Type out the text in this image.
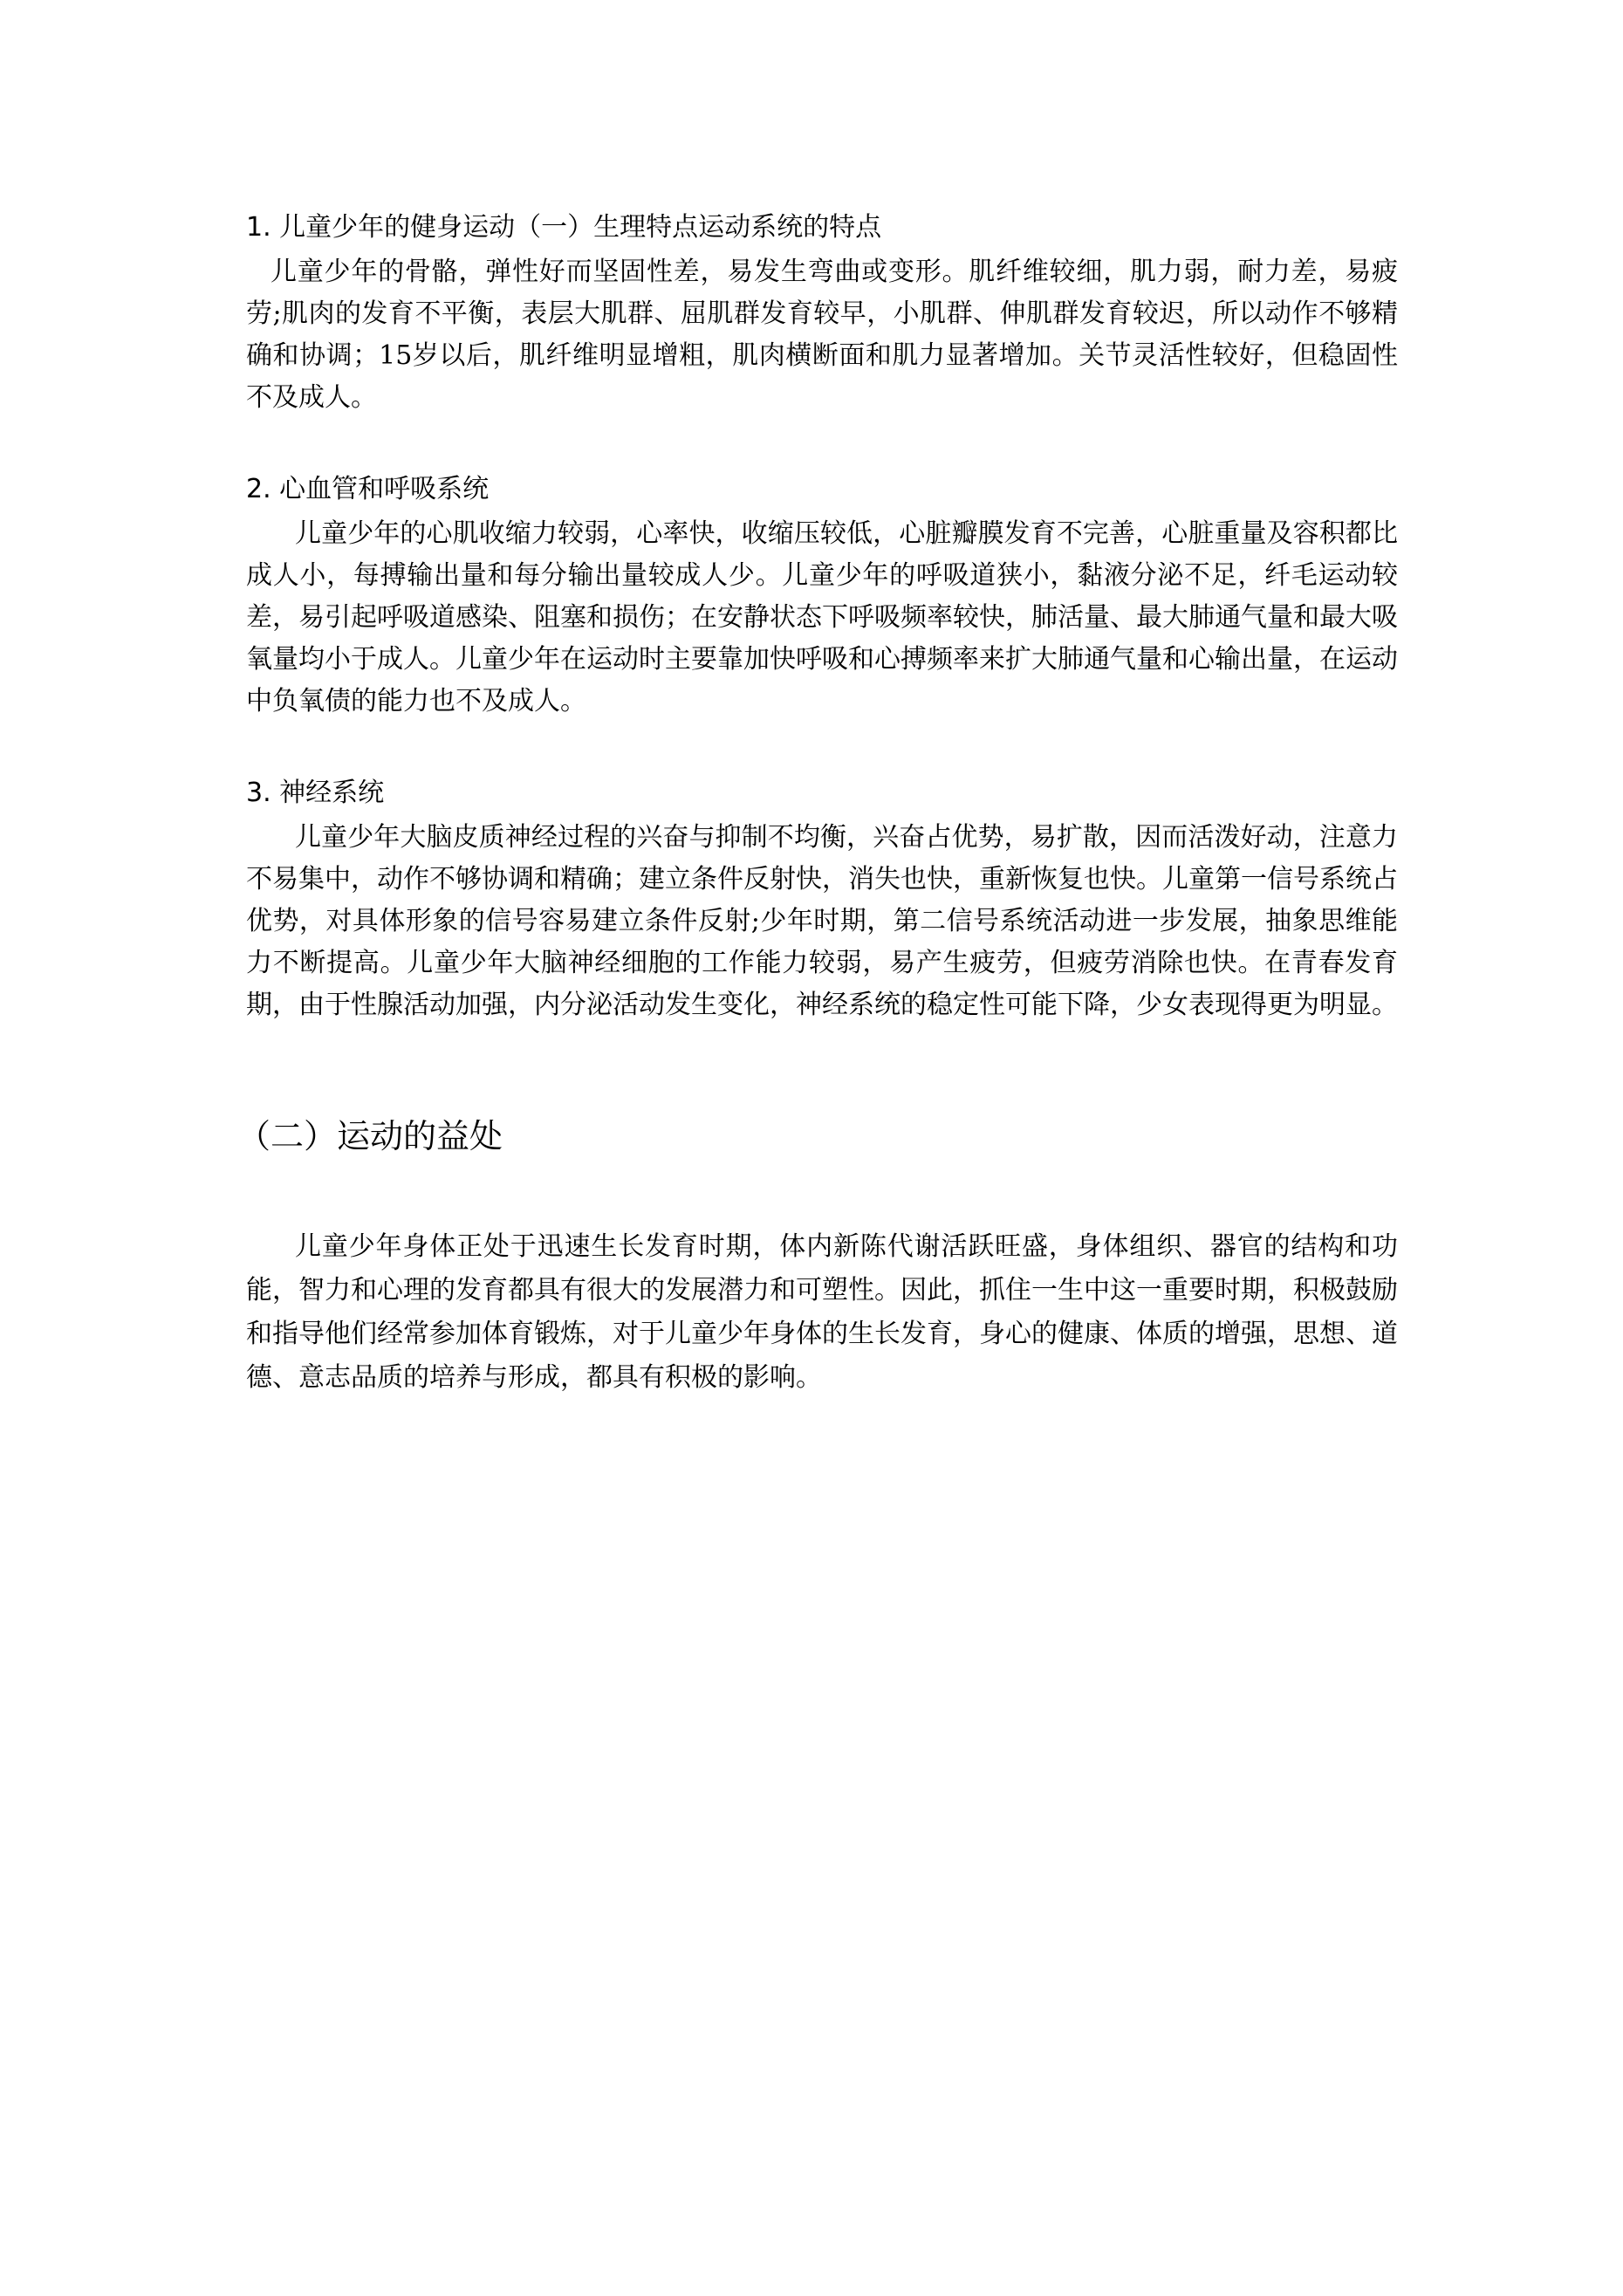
1. 儿童少年的健身运动（一）生理特点运动系统的特点

儿童少年的骨骼，弹性好而坚固性差，易发生弯曲或变形。肌纤维较细，肌力弱，耐力差，易疲劳;肌肉的发育不平衡，表层大肌群、屈肌群发育较早，小肌群、伸肌群发育较迟，所以动作不够精确和协调；15岁以后，肌纤维明显增粗，肌肉横断面和肌力显著增加。关节灵活性较好，但稳固性不及成人。

2. 心血管和呼吸系统

儿童少年的心肌收缩力较弱，心率快，收缩压较低，心脏瓣膜发育不完善，心脏重量及容积都比成人小，每搏输出量和每分输出量较成人少。儿童少年的呼吸道狭小，黏液分泌不足，纤毛运动较差，易引起呼吸道感染、阻塞和损伤；在安静状态下呼吸频率较快，肺活量、最大肺通气量和最大吸氧量均小于成人。儿童少年在运动时主要靠加快呼吸和心搏频率来扩大肺通气量和心输出量，在运动中负氧债的能力也不及成人。

3. 神经系统

儿童少年大脑皮质神经过程的兴奋与抑制不均衡，兴奋占优势，易扩散，因而活泼好动，注意力不易集中，动作不够协调和精确；建立条件反射快，消失也快，重新恢复也快。儿童第一信号系统占优势，对具体形象的信号容易建立条件反射;少年时期，第二信号系统活动进一步发展，抽象思维能力不断提高。儿童少年大脑神经细胞的工作能力较弱，易产生疲劳，但疲劳消除也快。在青春发育期，由于性腺活动加强，内分泌活动发生变化，神经系统的稳定性可能下降，少女表现得更为明显。

（二）运动的益处

儿童少年身体正处于迅速生长发育时期，体内新陈代谢活跃旺盛，身体组织、器官的结构和功能，智力和心理的发育都具有很大的发展潜力和可塑性。因此，抓住一生中这一重要时期，积极鼓励和指导他们经常参加体育锻炼，对于儿童少年身体的生长发育，身心的健康、体质的增强，思想、道德、意志品质的培养与形成，都具有积极的影响。
